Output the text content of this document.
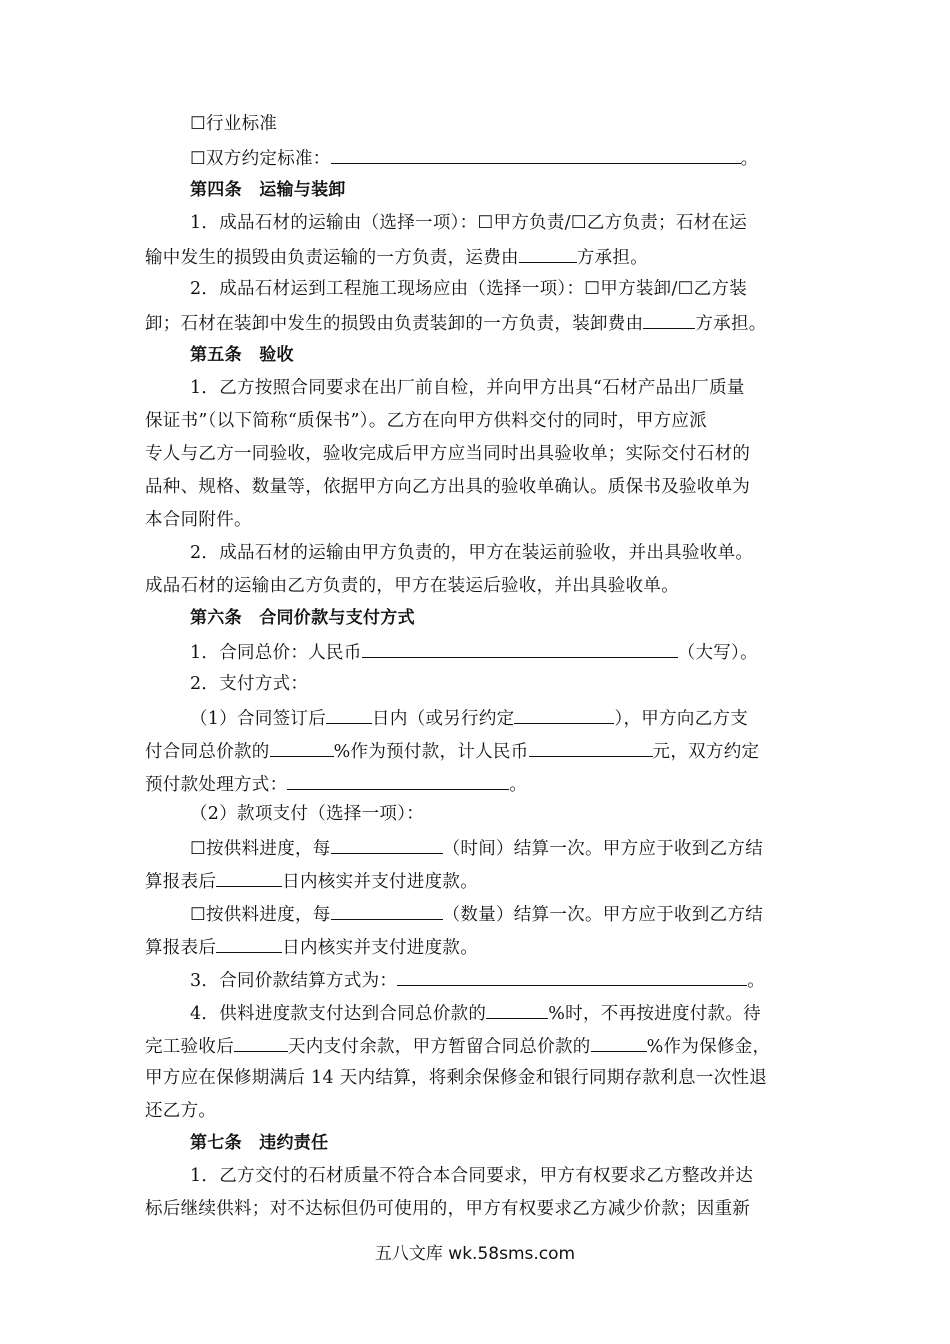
☐行业标准
☐双方约定标准：	。
第四条　运输与装卸
1．成品石材的运输由（选择一项）：☐甲方负责/☐乙方负责；石材在运
输中发生的损毁由负责运输的一方负责，运费由	方承担。
2．成品石材运到工程施工现场应由（选择一项）：☐甲方装卸/☐乙方装
卸；石材在装卸中发生的损毁由负责装卸的一方负责，装卸费由	方承担。
第五条　验收
1．乙方按照合同要求在出厂前自检，并向甲方出具“石材产品出厂质量
保证书”（以下简称“质保书”）。乙方在向甲方供料交付的同时，甲方应派
专人与乙方一同验收，验收完成后甲方应当同时出具验收单；实际交付石材的
品种、规格、数量等，依据甲方向乙方出具的验收单确认。质保书及验收单为
本合同附件。
2．成品石材的运输由甲方负责的，甲方在装运前验收，并出具验收单。
成品石材的运输由乙方负责的，甲方在装运后验收，并出具验收单。
第六条　合同价款与支付方式
1．合同总价：人民币	（大写）。
2．支付方式：
（1）合同签订后	日内（或另行约定	），甲方向乙方支
付合同总价款的	%作为预付款，计人民币	元，双方约定
预付款处理方式：	。
（2）款项支付（选择一项）：
☐按供料进度，每	（时间）结算一次。甲方应于收到乙方结
算报表后	日内核实并支付进度款。
☐按供料进度，每	（数量）结算一次。甲方应于收到乙方结
算报表后	日内核实并支付进度款。
3．合同价款结算方式为：	。
4．供料进度款支付达到合同总价款的	%时，不再按进度付款。待
完工验收后	天内支付余款，甲方暂留合同总价款的	%作为保修金，
甲方应在保修期满后 14 天内结算，将剩余保修金和银行同期存款利息一次性退
还乙方。
第七条　违约责任
1．乙方交付的石材质量不符合本合同要求，甲方有权要求乙方整改并达
标后继续供料；对不达标但仍可使用的，甲方有权要求乙方减少价款；因重新
五八文库 wk.58sms.com
